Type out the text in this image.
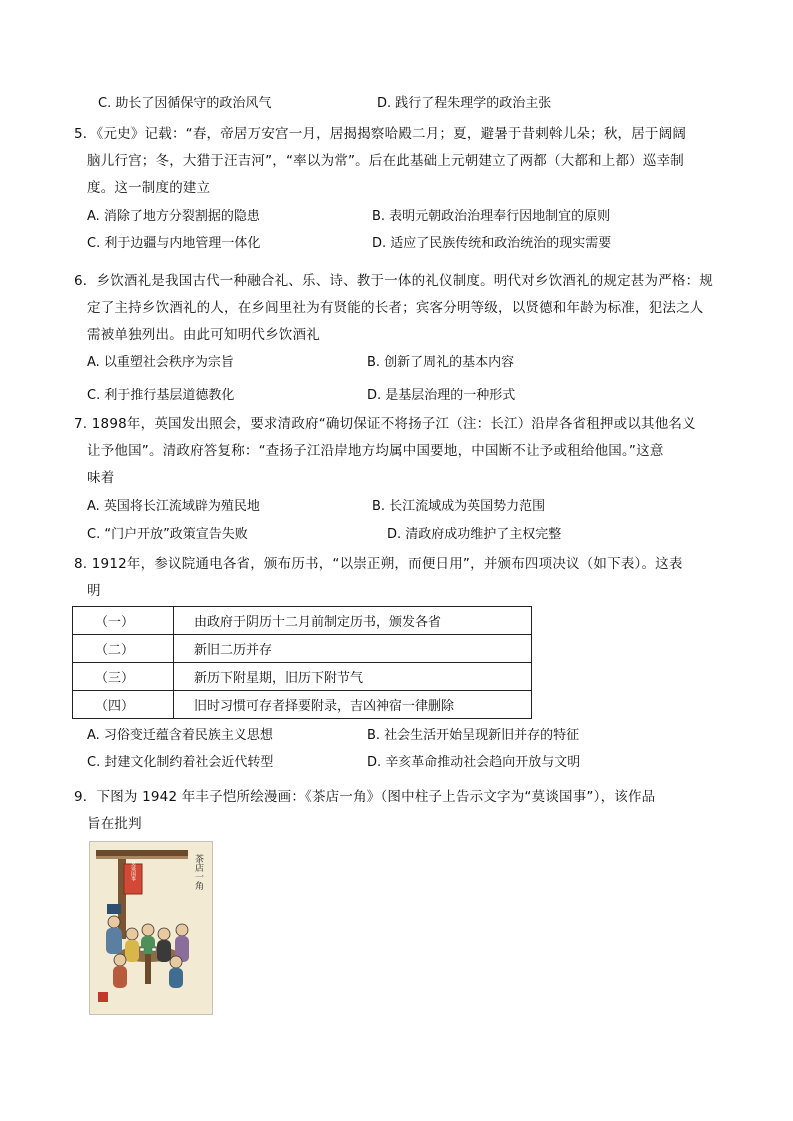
C. 助长了因循保守的政治风气	D. 践行了程朱理学的政治主张
5．《元史》记载：“春，帝居万安宫一月，居揭揭察哈殿二月；夏，避暑于昔剌斡儿朵；秋，居于阔阔
脑儿行宫；冬，大猎于汪吉河”，“率以为常”。后在此基础上元朝建立了两都（大都和上都）巡幸制
度。这一制度的建立
A. 消除了地方分裂割据的隐患	B. 表明元朝政治治理奉行因地制宜的原则
C. 利于边疆与内地管理一体化	D. 适应了民族传统和政治统治的现实需要
6．乡饮酒礼是我国古代一种融合礼、乐、诗、教于一体的礼仪制度。明代对乡饮酒礼的规定甚为严格：规
定了主持乡饮酒礼的人，在乡闾里社为有贤能的长者；宾客分明等级，以贤德和年龄为标准，犯法之人
需被单独列出。由此可知明代乡饮酒礼
A. 以重塑社会秩序为宗旨	B. 创新了周礼的基本内容
C. 利于推行基层道德教化	D. 是基层治理的一种形式
7. 1898年，英国发出照会，要求清政府“确切保证不将扬子江（注：长江）沿岸各省租押或以其他名义
让予他国”。清政府答复称：“查扬子江沿岸地方均属中国要地，中国断不让予或租给他国。”这意
味着
A. 英国将长江流域辟为殖民地	B. 长江流域成为英国势力范围
C. “门户开放”政策宣告失败	D. 清政府成功维护了主权完整
8. 1912年，参议院通电各省，颁布历书，“以崇正朔，而便日用”，并颁布四项决议（如下表）。这表
明
（一）	由政府于阴历十二月前制定历书，颁发各省
（二）	新旧二历并存
（三）	新历下附星期，旧历下附节气
（四）	旧时习惯可存者择要附录，吉凶神宿一律删除
A. 习俗变迁蕴含着民族主义思想	B. 社会生活开始呈现新旧并存的特征
C. 封建文化制约着社会近代转型	D. 辛亥革命推动社会趋向开放与文明
9．下图为 1942 年丰子恺所绘漫画：《茶店一角》（图中柱子上告示文字为“莫谈国事”），该作品
旨在批判
莫谈国事	茶店一角
